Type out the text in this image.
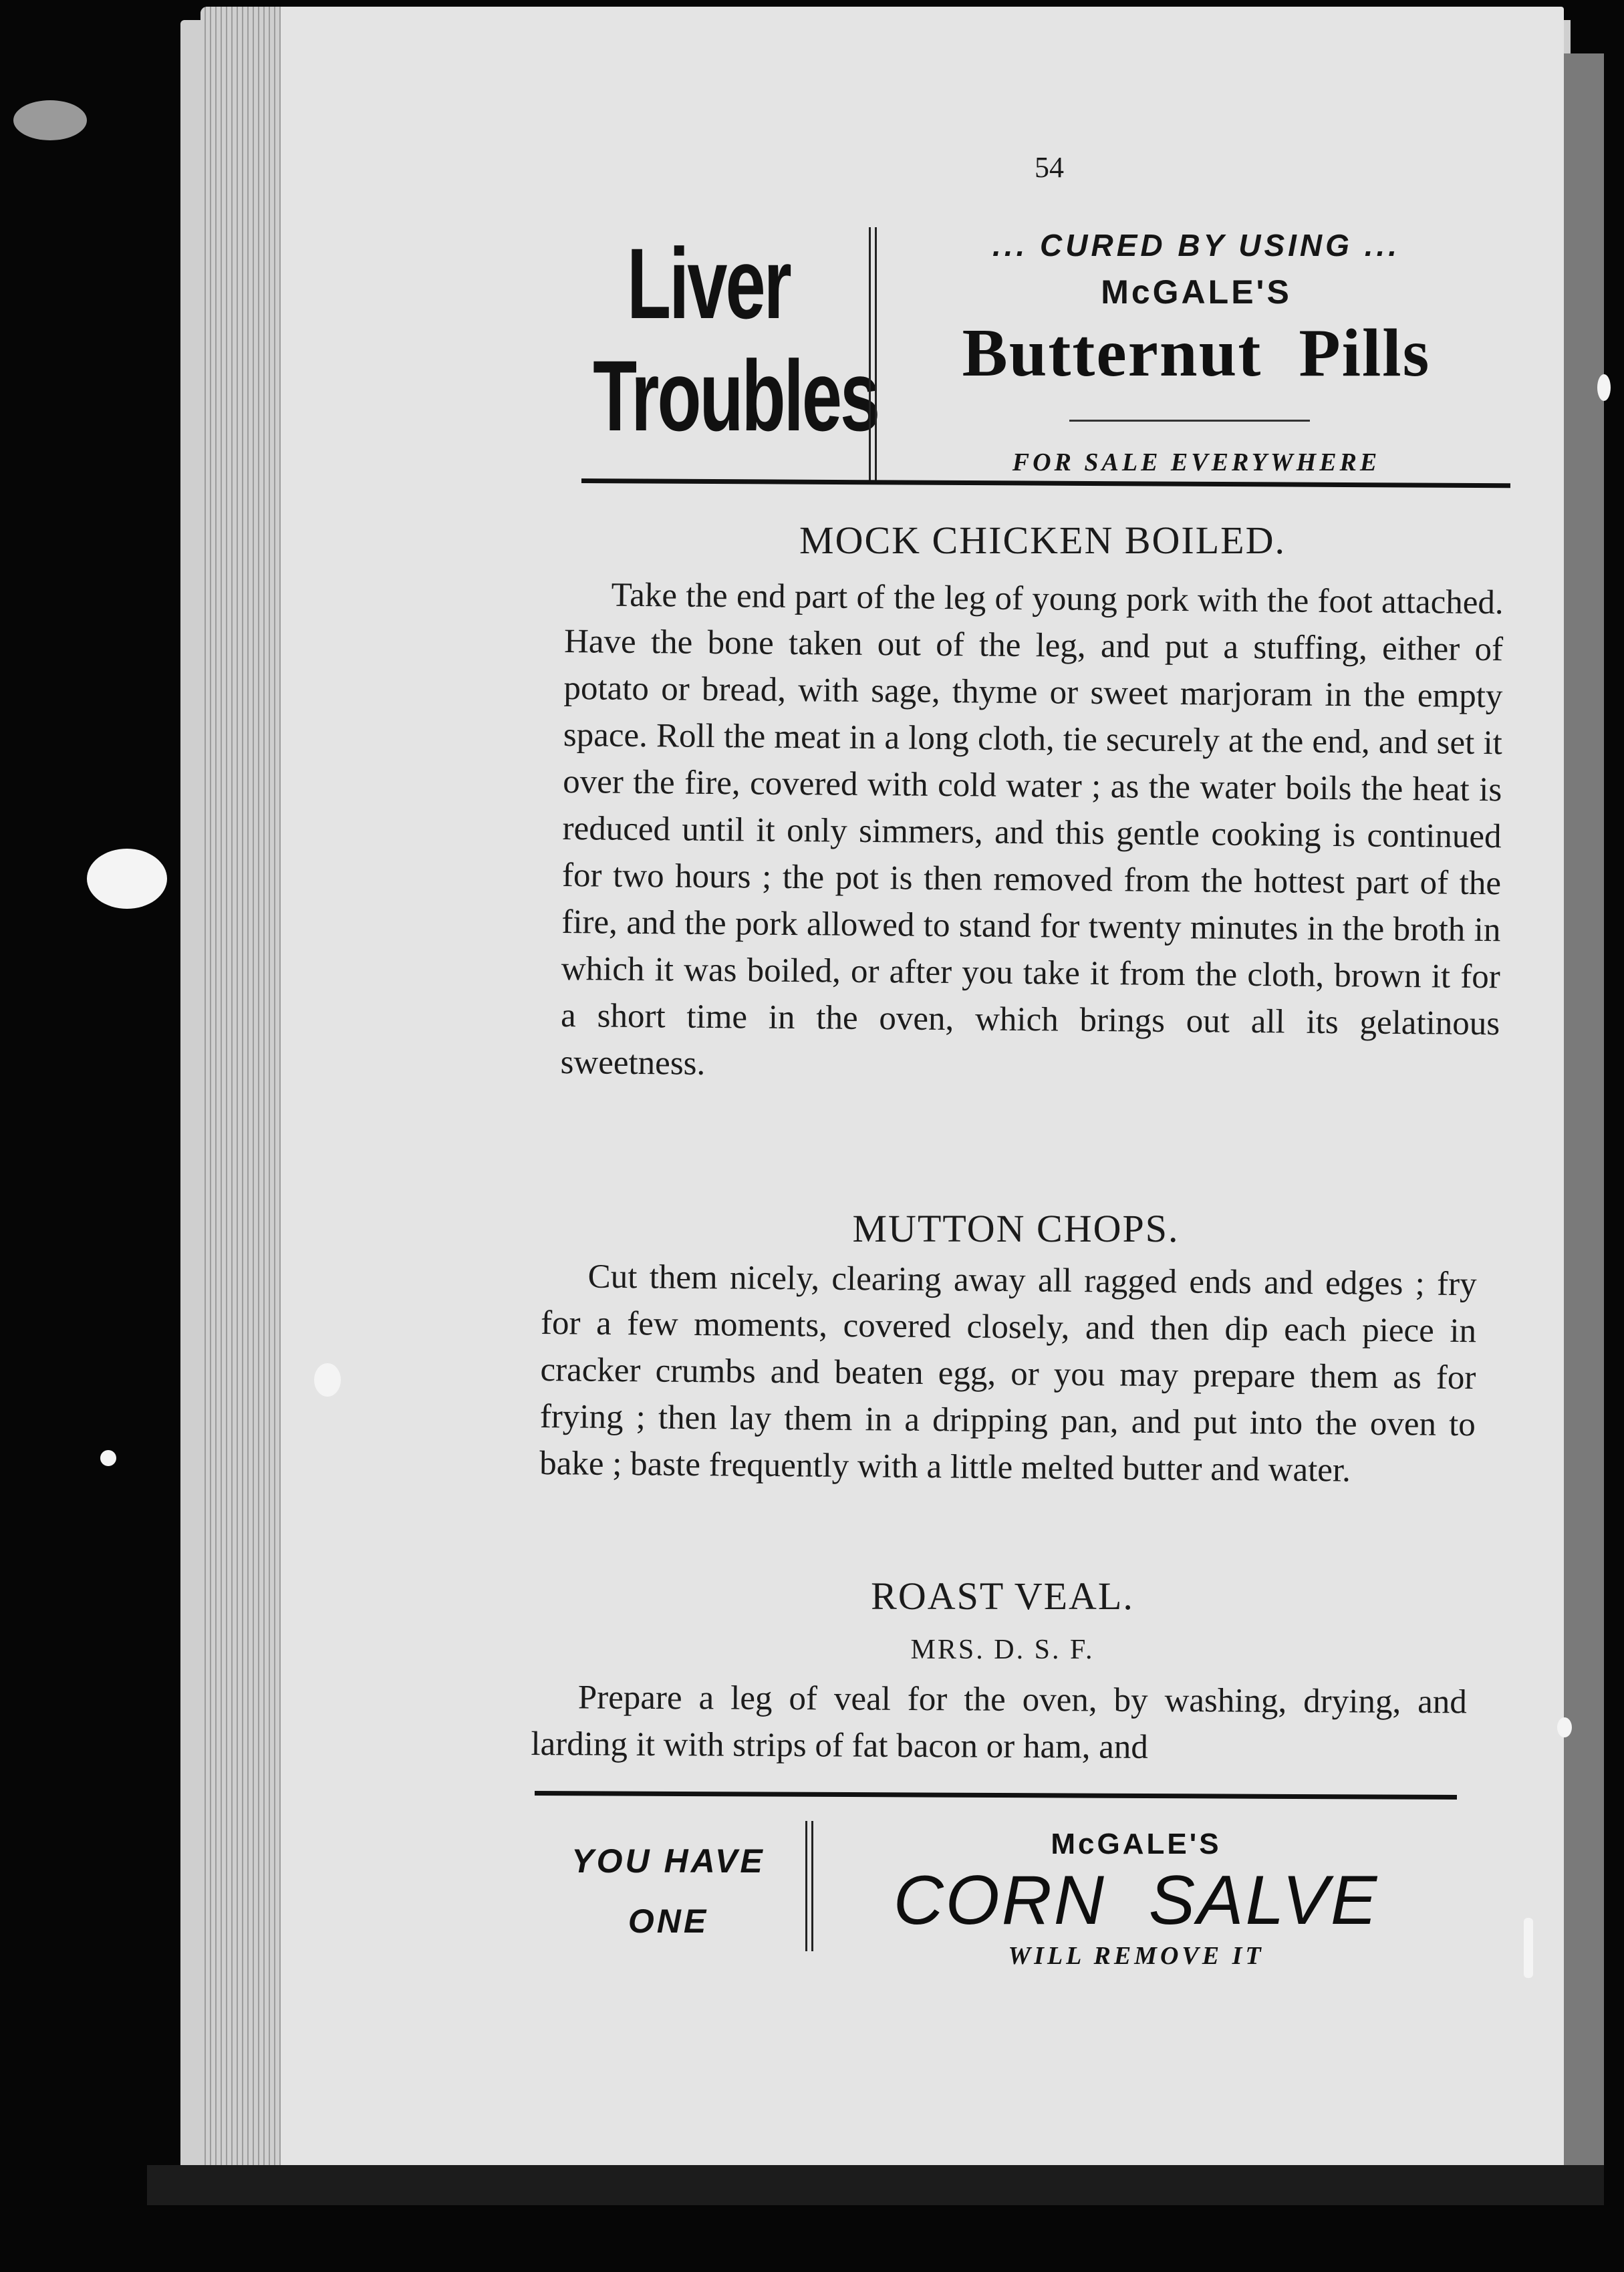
54
Liver
Troubles
... CURED BY USING ...
McGALE'S
Butternut  Pills
FOR SALE EVERYWHERE
MOCK CHICKEN BOILED.

Take the end part of the leg of young pork with the foot attached. Have the bone taken out of the leg, and put a stuffing, either of potato or bread, with sage, thyme or sweet marjoram in the empty space. Roll the meat in a long cloth, tie securely at the end, and set it over the fire, covered with cold water ; as the water boils the heat is reduced until it only simmers, and this gentle cooking is continued for two hours ; the pot is then removed from the hottest part of the fire, and the pork allowed to stand for twenty minutes in the broth in which it was boiled, or after you take it from the cloth, brown it for a short time in the oven, which brings out all its gelatinous sweetness.

MUTTON CHOPS.

Cut them nicely, clearing away all ragged ends and edges ; fry for a few moments, covered closely, and then dip each piece in cracker crumbs and beaten egg, or you may prepare them as for frying ; then lay them in a dripping pan, and put into the oven to bake ; baste frequently with a little melted butter and water.

ROAST VEAL.
MRS. D. S. F.

Prepare a leg of veal for the oven, by washing, drying, and larding it with strips of fat bacon or ham, and

YOU HAVE
ONE
McGALE'S
CORN  SALVE
WILL REMOVE IT
